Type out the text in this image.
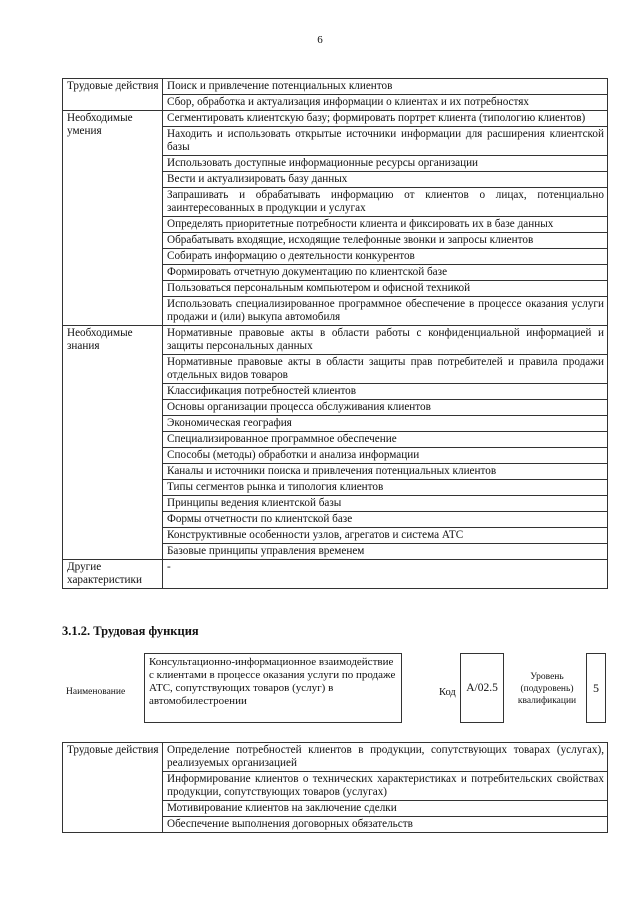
6
Трудовые действия	Поиск и привлечение потенциальных клиентов
	Сбор, обработка и актуализация информации о клиентах и их потребностях
Необходимые умения	Сегментировать клиентскую базу; формировать портрет клиента (типологию клиентов)
	Находить и использовать открытые источники информации для расширения клиентской базы
	Использовать доступные информационные ресурсы организации
	Вести и актуализировать базу данных
	Запрашивать и обрабатывать информацию от клиентов о лицах, потенциально заинтересованных в продукции и услугах
	Определять приоритетные потребности клиента и фиксировать их в базе данных
	Обрабатывать входящие, исходящие телефонные звонки и запросы клиентов
	Собирать информацию о деятельности конкурентов
	Формировать отчетную документацию по клиентской базе
	Пользоваться персональным компьютером и офисной техникой
	Использовать специализированное программное обеспечение в процессе оказания услуги продажи и (или) выкупа автомобиля
Необходимые знания	Нормативные правовые акты в области работы с конфиденциальной информацией и защиты персональных данных
	Нормативные правовые акты в области защиты прав потребителей и правила продажи отдельных видов товаров
	Классификация потребностей клиентов
	Основы организации процесса обслуживания клиентов
	Экономическая география
	Специализированное программное обеспечение
	Способы (методы) обработки и анализа информации
	Каналы и источники поиска и привлечения потенциальных клиентов
	Типы сегментов рынка и типология клиентов
	Принципы ведения клиентской базы
	Формы отчетности по клиентской базе
	Конструктивные особенности узлов, агрегатов и система АТС
	Базовые принципы управления временем
Другие характеристики	-
3.1.2. Трудовая функция
Наименование
Консультационно-информационное взаимодействие с клиентами в процессе оказания услуги по продаже АТС, сопутствующих товаров (услуг) в автомобилестроении
Код A/02.5
Уровень (подуровень) квалификации
5
Трудовые действия	Определение потребностей клиентов в продукции, сопутствующих товарах (услугах), реализуемых организацией
Информирование клиентов о технических характеристиках и потребительских свойствах продукции, сопутствующих товаров (услугах)
Мотивирование клиентов на заключение сделки
Обеспечение выполнения договорных обязательств
